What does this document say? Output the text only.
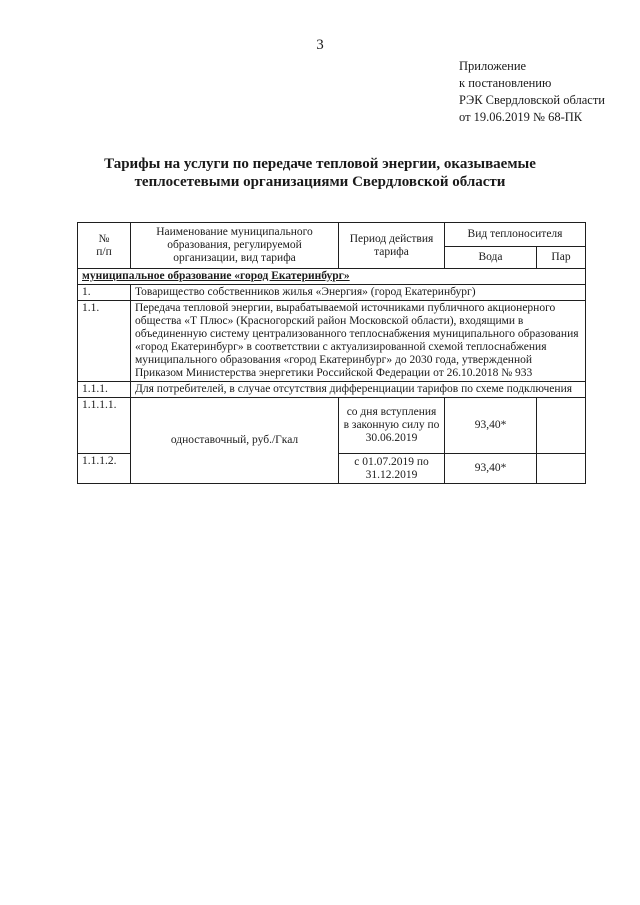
3
Приложение
к постановлению
РЭК Свердловской области
от 19.06.2019 № 68-ПК
Тарифы на услуги по передаче тепловой энергии, оказываемые
теплосетевыми организациями Свердловской области
№
п/п	Наименование муниципального образования, регулируемой организации, вид тарифа	Период действия тарифа	Вид теплоносителя	
			Вода	Пар
муниципальное образование «город Екатеринбург»				
1.	Товарищество собственников жилья «Энергия» (город Екатеринбург)			
1.1.	Передача тепловой энергии, вырабатываемой источниками публичного акционерного общества «Т Плюс» (Красногорский район Московской области), входящими в объединенную систему централизованного теплоснабжения муниципального образования «город Екатеринбург» в соответствии с актуализированной схемой теплоснабжения муниципального образования «город Екатеринбург» до 2030 года, утвержденной Приказом Министерства энергетики Российской Федерации от 26.10.2018 № 933			
1.1.1.	Для потребителей, в случае отсутствия дифференциации тарифов по схеме подключения			
1.1.1.1.	одноставочный, руб./Гкал	со дня вступления в законную силу по 30.06.2019	93,40*	
1.1.1.2.		с 01.07.2019 по 31.12.2019	93,40*	
